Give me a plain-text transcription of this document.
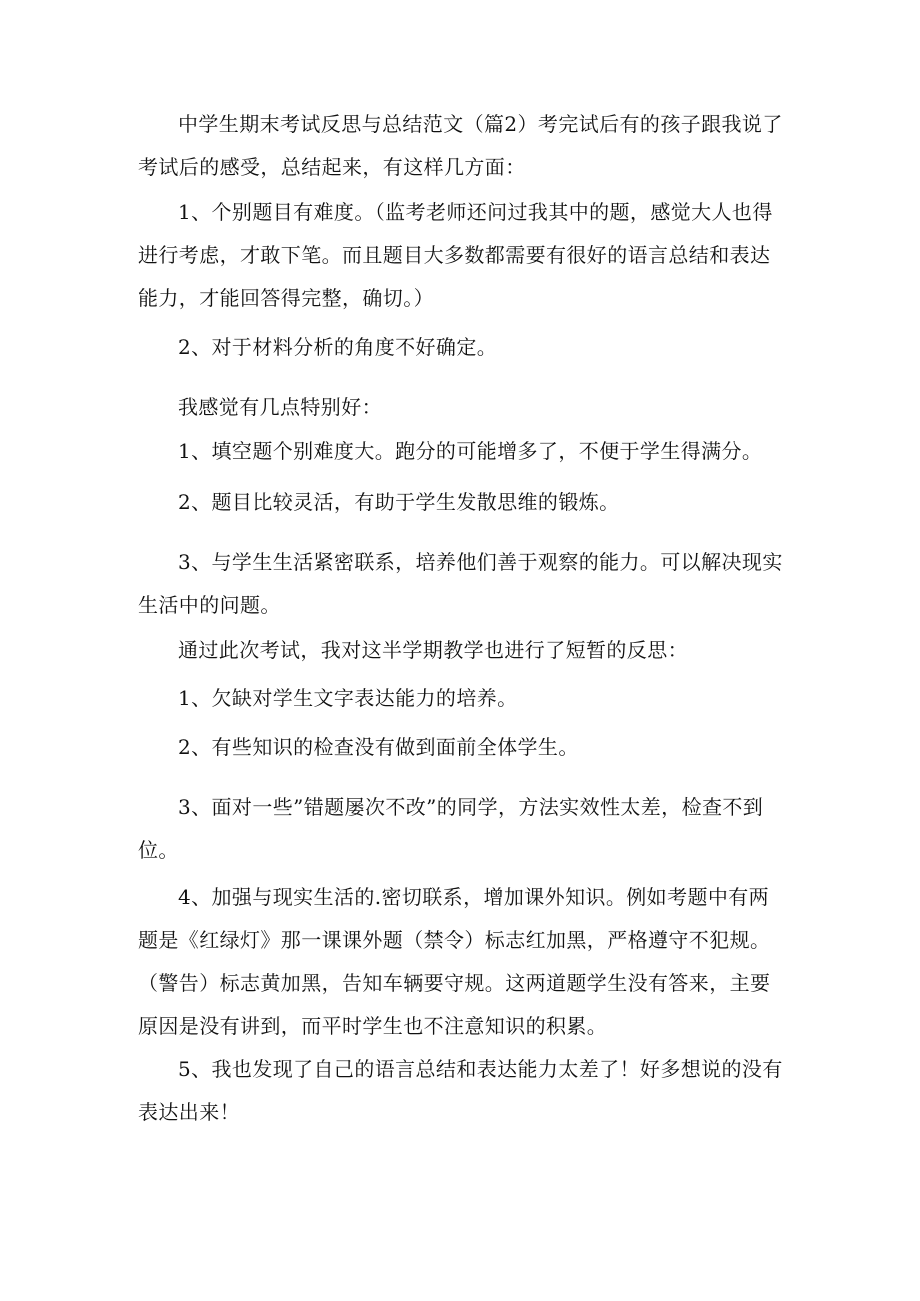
中学生期末考试反思与总结范文（篇2）考完试后有的孩子跟我说了考试后的感受，总结起来，有这样几方面：

1、个别题目有难度。（监考老师还问过我其中的题，感觉大人也得进行考虑，才敢下笔。而且题目大多数都需要有很好的语言总结和表达能力，才能回答得完整，确切。）

2、对于材料分析的角度不好确定。

我感觉有几点特别好：

1、填空题个别难度大。跑分的可能增多了，不便于学生得满分。

2、题目比较灵活，有助于学生发散思维的锻炼。

3、与学生生活紧密联系，培养他们善于观察的能力。可以解决现实生活中的问题。

通过此次考试，我对这半学期教学也进行了短暂的反思：

1、欠缺对学生文字表达能力的培养。

2、有些知识的检查没有做到面前全体学生。

3、面对一些”错题屡次不改”的同学，方法实效性太差，检查不到位。

4、加强与现实生活的.密切联系，增加课外知识。例如考题中有两题是《红绿灯》那一课课外题（禁令）标志红加黑，严格遵守不犯规。（警告）标志黄加黑，告知车辆要守规。这两道题学生没有答来，主要原因是没有讲到，而平时学生也不注意知识的积累。

5、我也发现了自己的语言总结和表达能力太差了！好多想说的没有表达出来！
